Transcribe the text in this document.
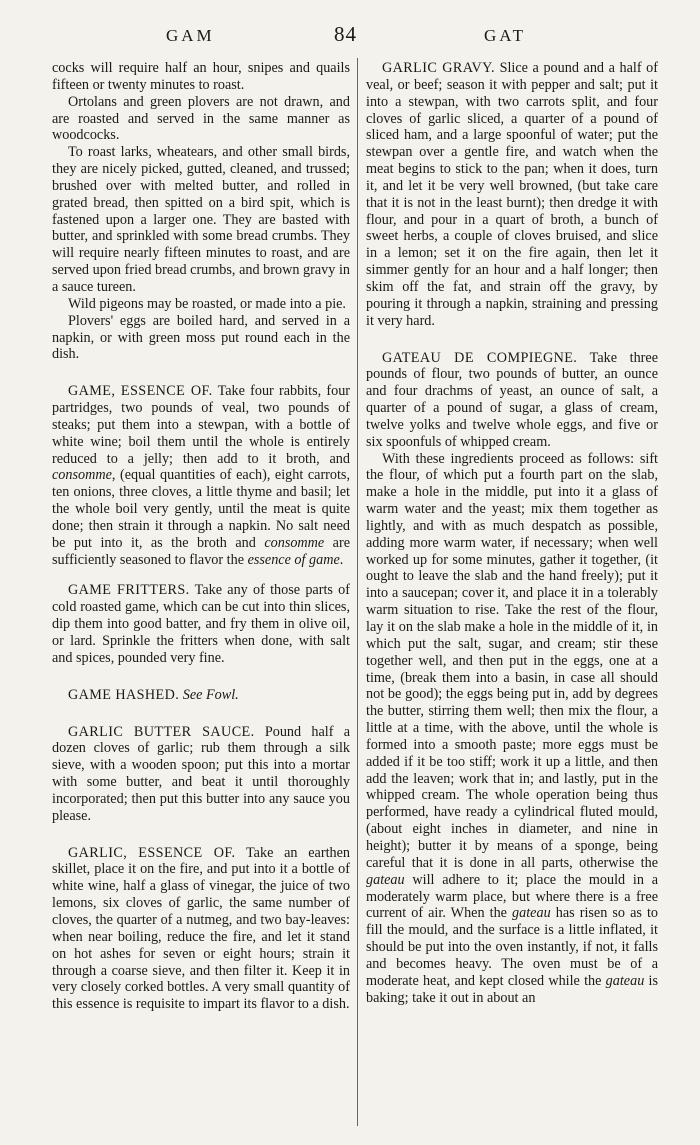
GAM	84	GAT

cocks will require half an hour, snipes and quails fifteen or twenty minutes to roast.

Ortolans and green plovers are not drawn, and are roasted and served in the same manner as woodcocks.

To roast larks, wheatears, and other small birds, they are nicely picked, gutted, cleaned, and trussed; brushed over with melted butter, and rolled in grated bread, then spitted on a bird spit, which is fastened upon a larger one. They are basted with butter, and sprinkled with some bread crumbs. They will require nearly fifteen minutes to roast, and are served upon fried bread crumbs, and brown gravy in a sauce tureen.

Wild pigeons may be roasted, or made into a pie.

Plovers' eggs are boiled hard, and served in a napkin, or with green moss put round each in the dish.

GAME, ESSENCE OF. Take four rabbits, four partridges, two pounds of veal, two pounds of steaks; put them into a stewpan, with a bottle of white wine; boil them until the whole is entirely reduced to a jelly; then add to it broth, and consomme, (equal quantities of each), eight carrots, ten onions, three cloves, a little thyme and basil; let the whole boil very gently, until the meat is quite done; then strain it through a napkin. No salt need be put into it, as the broth and consomme are sufficiently seasoned to flavor the essence of game.

GAME FRITTERS. Take any of those parts of cold roasted game, which can be cut into thin slices, dip them into good batter, and fry them in olive oil, or lard. Sprinkle the fritters when done, with salt and spices, pounded very fine.

GAME HASHED. See Fowl.

GARLIC BUTTER SAUCE. Pound half a dozen cloves of garlic; rub them through a silk sieve, with a wooden spoon; put this into a mortar with some butter, and beat it until thoroughly incorporated; then put this butter into any sauce you please.

GARLIC, ESSENCE OF. Take an earthen skillet, place it on the fire, and put into it a bottle of white wine, half a glass of vinegar, the juice of two lemons, six cloves of garlic, the same number of cloves, the quarter of a nutmeg, and two bay-leaves: when near boiling, reduce the fire, and let it stand on hot ashes for seven or eight hours; strain it through a coarse sieve, and then filter it. Keep it in very closely corked bottles. A very small quantity of this essence is requisite to impart its flavor to a dish.

GARLIC GRAVY. Slice a pound and a half of veal, or beef; season it with pepper and salt; put it into a stewpan, with two carrots split, and four cloves of garlic sliced, a quarter of a pound of sliced ham, and a large spoonful of water; put the stewpan over a gentle fire, and watch when the meat begins to stick to the pan; when it does, turn it, and let it be very well browned, (but take care that it is not in the least burnt); then dredge it with flour, and pour in a quart of broth, a bunch of sweet herbs, a couple of cloves bruised, and slice in a lemon; set it on the fire again, then let it simmer gently for an hour and a half longer; then skim off the fat, and strain off the gravy, by pouring it through a napkin, straining and pressing it very hard.

GATEAU DE COMPIEGNE. Take three pounds of flour, two pounds of butter, an ounce and four drachms of yeast, an ounce of salt, a quarter of a pound of sugar, a glass of cream, twelve yolks and twelve whole eggs, and five or six spoonfuls of whipped cream.

With these ingredients proceed as follows: sift the flour, of which put a fourth part on the slab, make a hole in the middle, put into it a glass of warm water and the yeast; mix them together as lightly, and with as much despatch as possible, adding more warm water, if necessary; when well worked up for some minutes, gather it together, (it ought to leave the slab and the hand freely); put it into a saucepan; cover it, and place it in a tolerably warm situation to rise. Take the rest of the flour, lay it on the slab make a hole in the middle of it, in which put the salt, sugar, and cream; stir these together well, and then put in the eggs, one at a time, (break them into a basin, in case all should not be good); the eggs being put in, add by degrees the butter, stirring them well; then mix the flour, a little at a time, with the above, until the whole is formed into a smooth paste; more eggs must be added if it be too stiff; work it up a little, and then add the leaven; work that in; and lastly, put in the whipped cream. The whole operation being thus performed, have ready a cylindrical fluted mould, (about eight inches in diameter, and nine in height); butter it by means of a sponge, being careful that it is done in all parts, otherwise the gateau will adhere to it; place the mould in a moderately warm place, but where there is a free current of air. When the gateau has risen so as to fill the mould, and the surface is a little inflated, it should be put into the oven instantly, if not, it falls and becomes heavy. The oven must be of a moderate heat, and kept closed while the gateau is baking; take it out in about an
